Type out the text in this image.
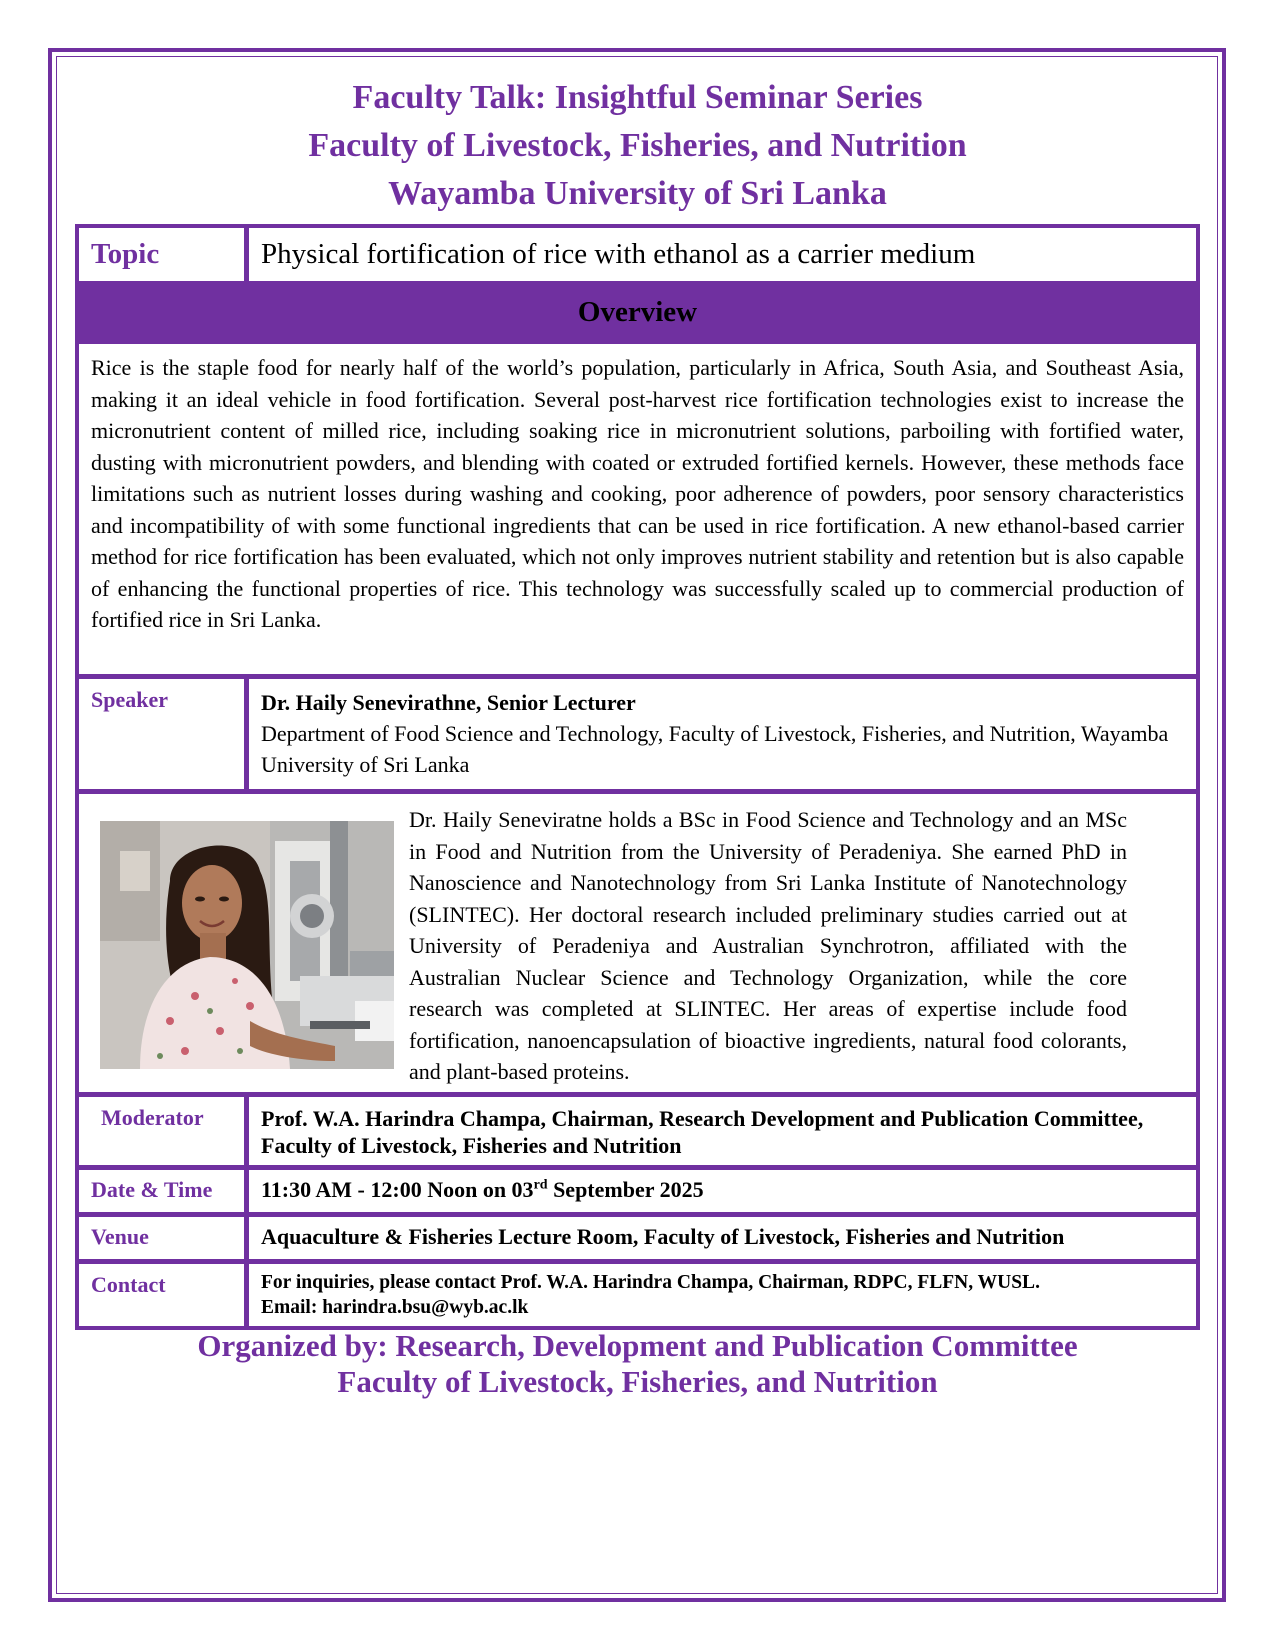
Faculty Talk: Insightful Seminar Series
Faculty of Livestock, Fisheries, and Nutrition
Wayamba University of Sri Lanka
Topic	Physical fortification of rice with ethanol as a carrier medium
Overview
Rice is the staple food for nearly half of the world’s population, particularly in Africa, South Asia, and Southeast Asia, making it an ideal vehicle in food fortification. Several post-harvest rice fortification technologies exist to increase the micronutrient content of milled rice, including soaking rice in micronutrient solutions, parboiling with fortified water, dusting with micronutrient powders, and blending with coated or extruded fortified kernels. However, these methods face limitations such as nutrient losses during washing and cooking, poor adherence of powders, poor sensory characteristics and incompatibility of with some functional ingredients that can be used in rice fortification. A new ethanol-based carrier method for rice fortification has been evaluated, which not only improves nutrient stability and retention but is also capable of enhancing the functional properties of rice. This technology was successfully scaled up to commercial production of fortified rice in Sri Lanka.
Speaker	Dr. Haily Senevirathne, Senior Lecturer
Department of Food Science and Technology, Faculty of Livestock, Fisheries, and Nutrition, Wayamba University of Sri Lanka
Dr. Haily Seneviratne holds a BSc in Food Science and Technology and an MSc in Food and Nutrition from the University of Peradeniya. She earned PhD in Nanoscience and Nanotechnology from Sri Lanka Institute of Nanotechnology (SLINTEC). Her doctoral research included preliminary studies carried out at University of Peradeniya and Australian Synchrotron, affiliated with the Australian Nuclear Science and Technology Organization, while the core research was completed at SLINTEC. Her areas of expertise include food fortification, nanoencapsulation of bioactive ingredients, natural food colorants, and plant-based proteins.
Moderator	Prof. W.A. Harindra Champa, Chairman, Research Development and Publication Committee, Faculty of Livestock, Fisheries and Nutrition
Date & Time	11:30 AM - 12:00 Noon on 03rd September 2025
Venue	Aquaculture & Fisheries Lecture Room, Faculty of Livestock, Fisheries and Nutrition
Contact	For inquiries, please contact Prof. W.A. Harindra Champa, Chairman, RDPC, FLFN, WUSL.
Email: harindra.bsu@wyb.ac.lk
Organized by: Research, Development and Publication Committee
Faculty of Livestock, Fisheries, and Nutrition
